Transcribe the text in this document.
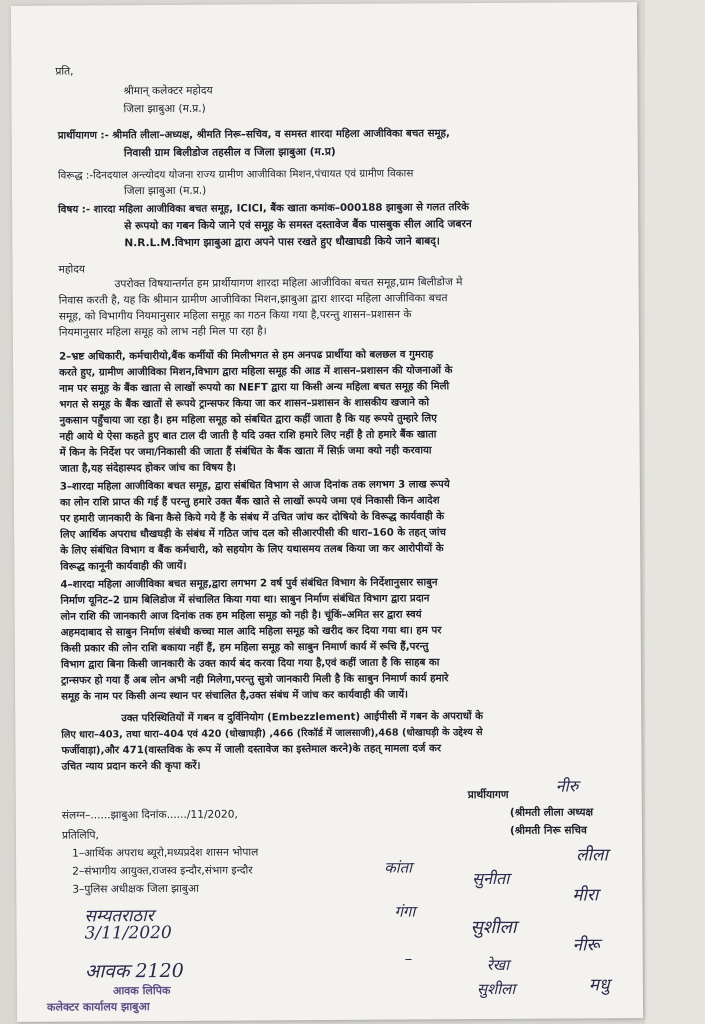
प्रति,
श्रीमान् कलेक्टर महोदय
जिला झाबुआ (म.प्र.)
प्रार्थीयागण :- श्रीमति लीला–अध्यक्ष, श्रीमति निरू–सचिव, व समस्त शारदा महिला आजीविका बचत समूह,
निवासी ग्राम बिलीडोज तहसील व जिला झाबुआ (म.प्र)
विरूद्ध :-दिनदयाल अन्त्योदय योजना राज्य ग्रामीण आजीविका मिशन,पंचायत एवं ग्रामीण विकास
जिला झाबुआ (म.प्र.)
विषय :- शारदा महिला आजीविका बचत समूह, ICICI, बैंक खाता कमांक–000188 झाबुआ से गलत तरिके
से रूपयो का गबन किये जाने एवं समूह के समस्त दस्तावेज बैंक पासबुक सील आदि जबरन
N.R.L.M.विभाग झाबुआ द्वारा अपने पास रखते हुए धौखाघडी किये जाने बाबद्।
महोदय
उपरोक्त विषयान्तर्गत हम प्रार्थीयागण शारदा महिला आजीविका बचत समूह,ग्राम बिलीडोज मे
निवास करती है, यह कि श्रीमान ग्रामीण आजीविका मिशन,झाबुआ द्वारा शारदा महिला आजीविका बचत
समूह, को विभागीय नियमानुसार महिला समूह का गठन किया गया है,परन्तु शासन–प्रशासन के
नियमानुसार महिला समूह को लाभ नही मिल पा रहा है।
2–भ्रष्ट अधिकारी, कर्मचारीयो,बैंक कर्मीयों की मिलीभगत से हम अनपढ प्रार्थीया को बलछल व गुमराह
करते हुए, ग्रामीण आजीविका मिशन,विभाग द्वारा महिला समूह की आड में शासन–प्रशासन की योजनाओं के
नाम पर समूह के बैंक खाता से लाखों रूपयो का NEFT द्वारा या किसी अन्य महिला बचत समूह की मिली
भगत से समूह के बैंक खातों से रूपये ट्रान्सफर किया जा कर शासन–प्रशासन के शासकीय खजाने को
नुकसान पहुँचाया जा रहा है। हम महिला समूह को संबधित द्वारा कहीं जाता है कि यह रूपये तुम्हारे लिए
नही आये थे ऐसा कहते हुए बात टाल दी जाती है यदि उक्त राशि हमारे लिए नहीं है तो हमारे बैंक खाता
में किन के निर्देश पर जमा/निकासी की जाता हैं संबंधित के बैंक खाता में सिर्फ़ जमा क्यो नही करवाया
जाता है,यह संदेहास्पद होकर जांच का विषय है।
3–शारदा महिला आजीविका बचत समूह, द्वारा संबंधित विभाग से आज दिनांक तक लगभग 3 लाख रूपये
का लोन राशि प्राप्त की गई हैं परन्तु हमारे उक्त बैंक खाते से लाखों रूपये जमा एवं निकासी किन आदेश
पर हमारी जानकारी के बिना कैसे किये गये हैं के संबंध में उचित जांच कर दोषियो के विरूद्ध कार्यवाही के
लिए आर्थिक अपराध धौखघड़ी के संबंध में गठित जांच दल को सीआरपीसी की धारा–160 के तहत् जांच
के लिए संबंधित विभाग व बैंक कर्मचारी, को सहयोग के लिए यथासमय तलब किया जा कर आरोपीयों के
विरूद्ध कानूनी कार्यवाही की जायें।
4–शारदा महिला आजीविका बचत समूह,द्वारा लगभग 2 वर्ष पुर्व संबंधित विभाग के निर्देशानुसार साबुन
निर्माण यूनिट–2 ग्राम बिलिडोज में संचालित किया गया था। साबुन निर्माण संबंधित विभाग द्वारा प्रदान
लोन राशि की जानकारी आज दिनांक तक हम महिला समूह को नही है। चूंकिं–अमित सर द्वारा स्वयं
अहमदाबाद से साबुन निर्माण संबंधी कच्चा माल आदि महिला समूह को खरीद कर दिया गया था। हम पर
किसी प्रकार की लोन राशि बकाया नहीं हैं, हम महिला समूह को साबुन निमार्ण कार्य में रूचि हैं,परन्तु
विभाग द्वारा बिना किसी जानकारी के उक्त कार्य बंद करवा दिया गया है,एवं कहीं जाता है कि साहब का
ट्रान्सफर हो गया हैं अब लोन अभी नही मिलेगा,परन्तु सुत्रो जानकारी मिली है कि साबुन निमार्ण कार्य हमारे
समूह के नाम पर किसी अन्य स्थान पर संचालित है,उक्त संबंध में जांच कर कार्यवाही की जायें।
उक्त परिस्थितियों में गबन व दुर्विनियोग (Embezzlement) आईपीसी में गबन के अपराधों के
लिए धारा–403, तथा धारा–404 एवं 420 (धोखाघड़ी) ,466 (रिकॉर्ड में जालसाजी),468 (धोखाघड़ी के उद्देश्य से
फर्जीवाड़ा),और 471(वास्तविक के रूप में जाली दस्तावेज का इस्तेमाल करने)के तहत् मामला दर्ज कर
उचित न्याय प्रदान करने की कृपा करें।
प्रार्थीयागण
(श्रीमती लीला अध्यक्ष
(श्रीमती निरू सचिव
संलग्न–......झाबुआ दिनांक....../11/2020,
प्रतिलिपि,
1–आर्थिक अपराध ब्यूरो,मध्यप्रदेश शासन भोपाल
2–संभागीय आयुक्त,राजस्व इन्दौर,संभाग इन्दौर
3–पुलिस अधीक्षक जिला झाबुआ
नीरु
कांता
लीला
सुनीता
मीरा
गंगा
सुशीला
नीरू
–	रेखा
सुशीला	मधु
सम्यतराठार
3/11/2020
आवक 2120
आवक लिपिक
कलेक्टर कार्यालय झाबुआ
